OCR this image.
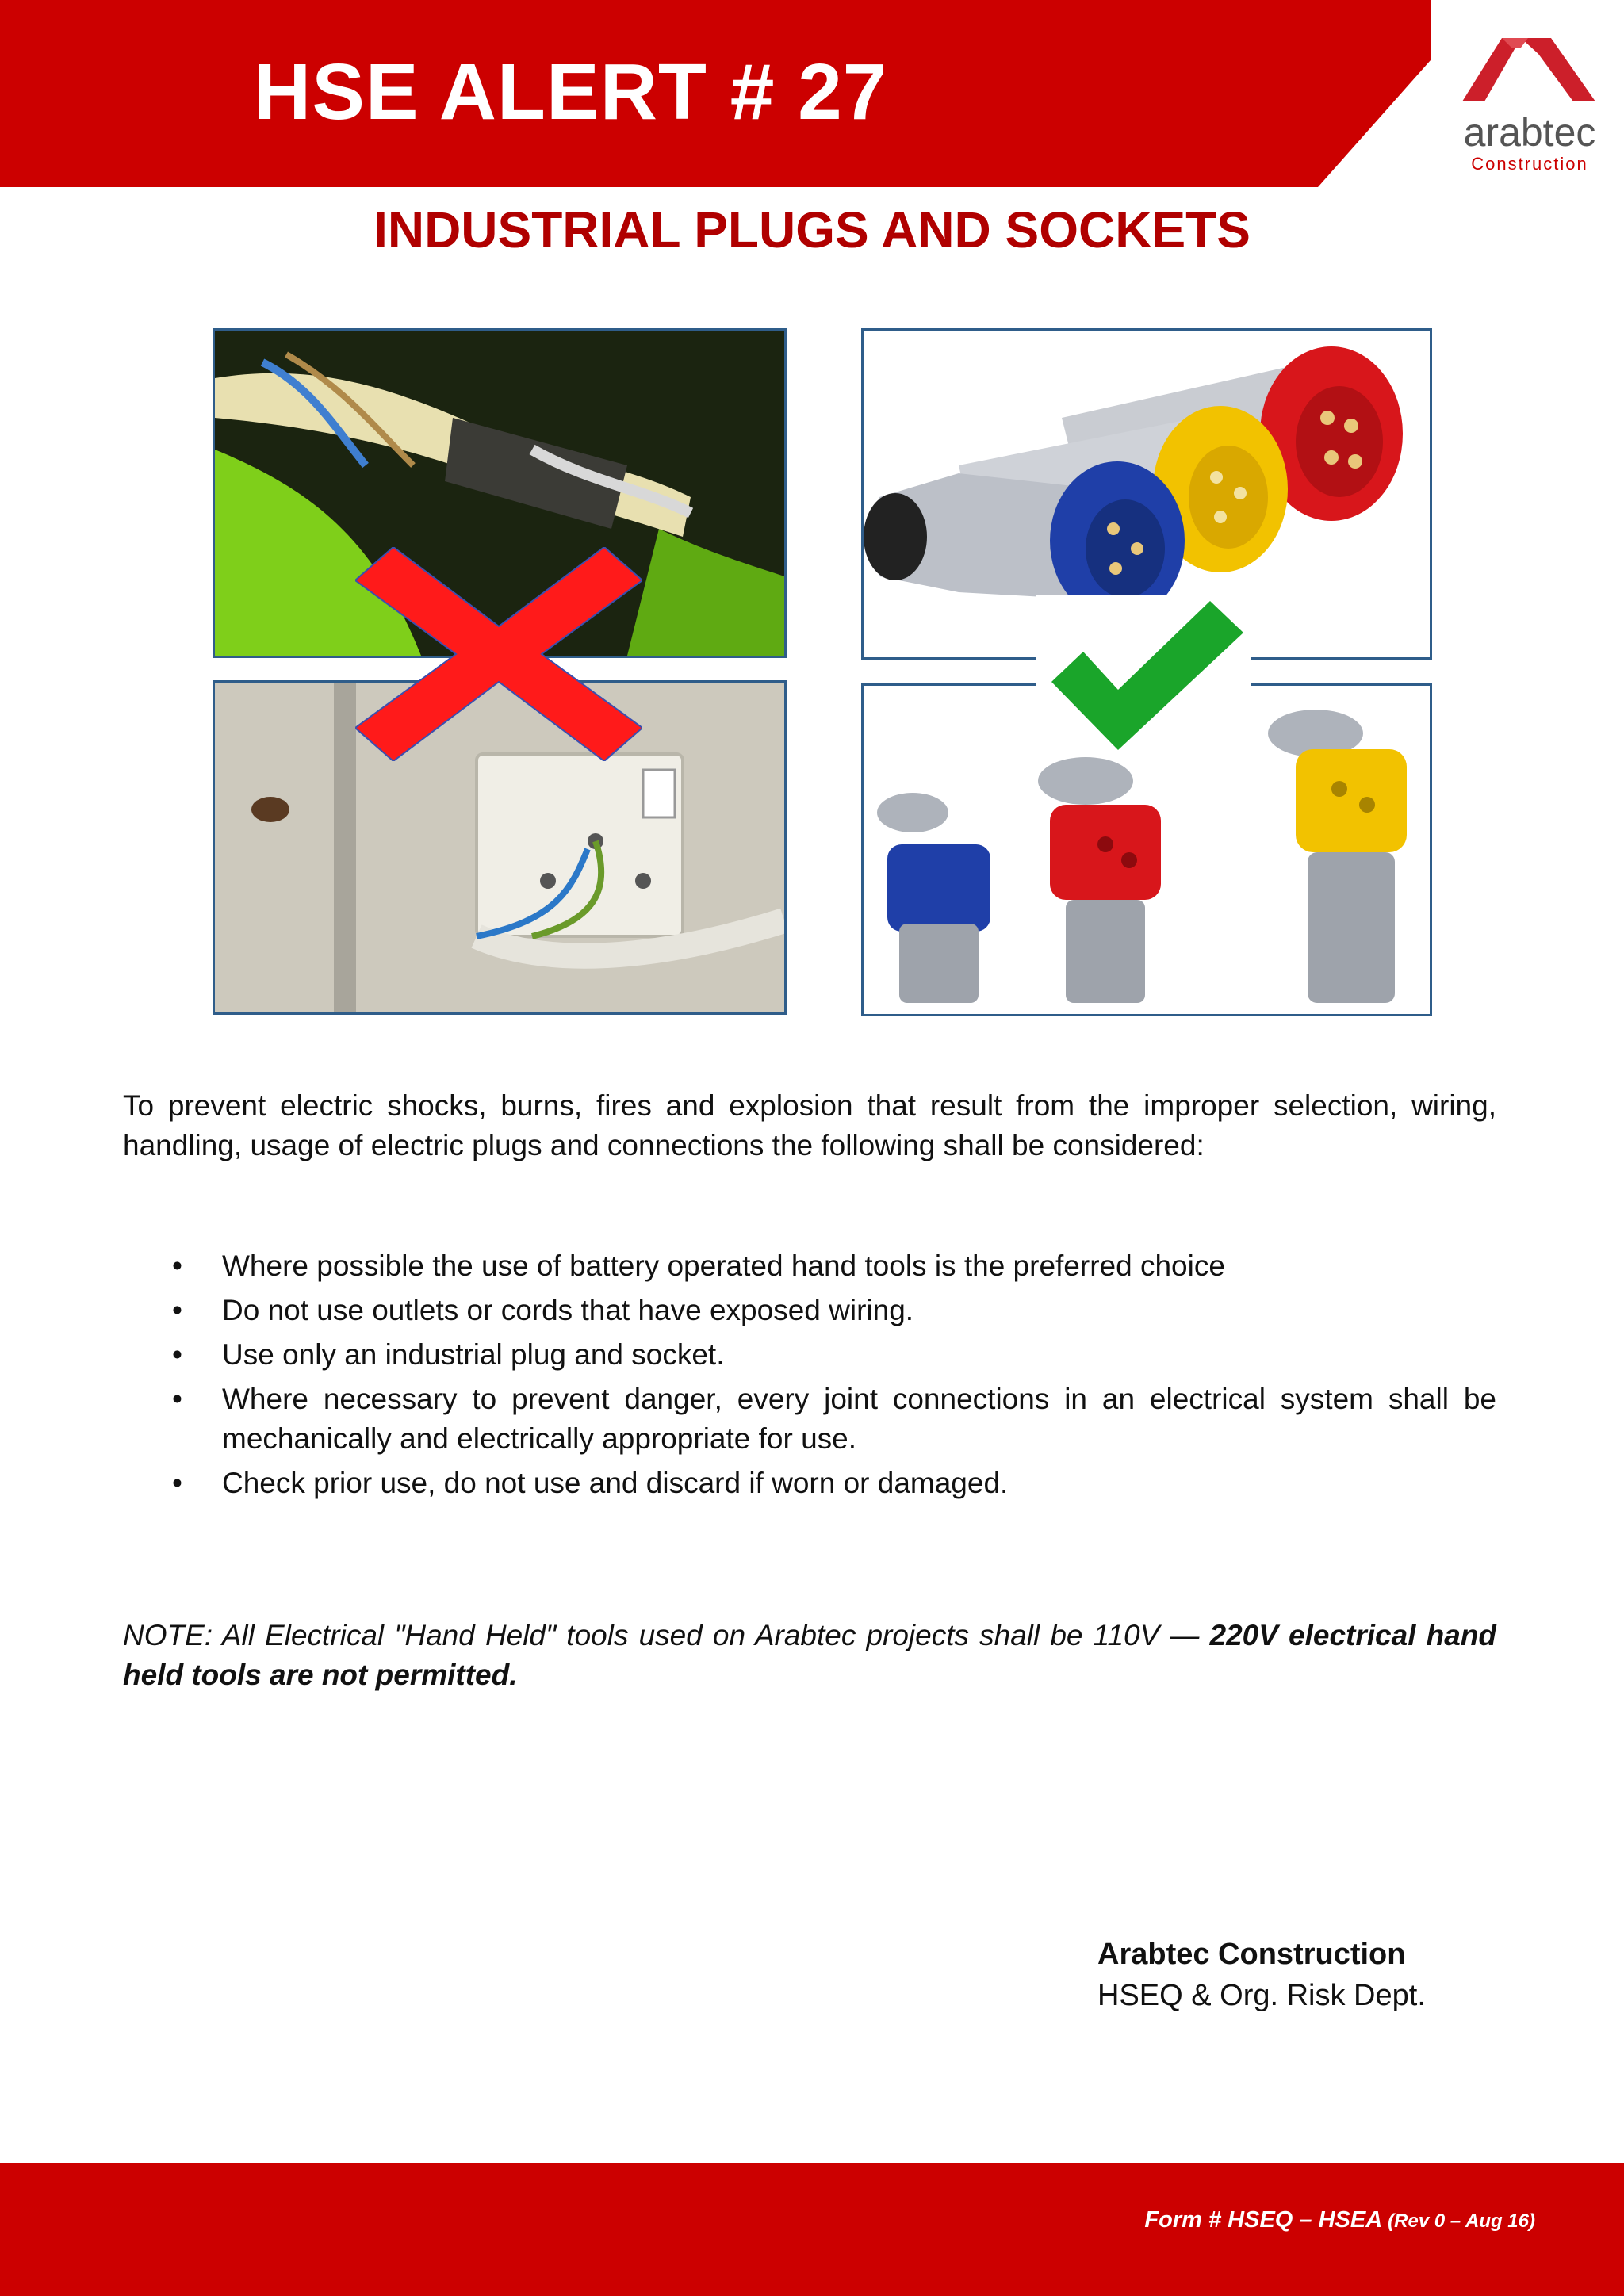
HSE ALERT # 27	arabtec
Construction
INDUSTRIAL PLUGS AND SOCKETS
To prevent electric shocks, burns, fires and explosion that result from the improper selection, wiring, handling, usage of electric plugs and connections the following shall be considered:
• Where possible the use of battery operated hand tools is the preferred choice
• Do not use outlets or cords that have exposed wiring.
• Use only an industrial plug and socket.
• Where necessary to prevent danger, every joint connections in an electrical system shall be mechanically and electrically appropriate for use.
• Check prior use, do not use and discard if worn or damaged.
NOTE: All Electrical "Hand Held" tools used on Arabtec projects shall be 110V — 220V electrical hand held tools are not permitted.
Arabtec Construction
HSEQ & Org. Risk Dept.
Form # HSEQ – HSEA (Rev 0 – Aug 16)
